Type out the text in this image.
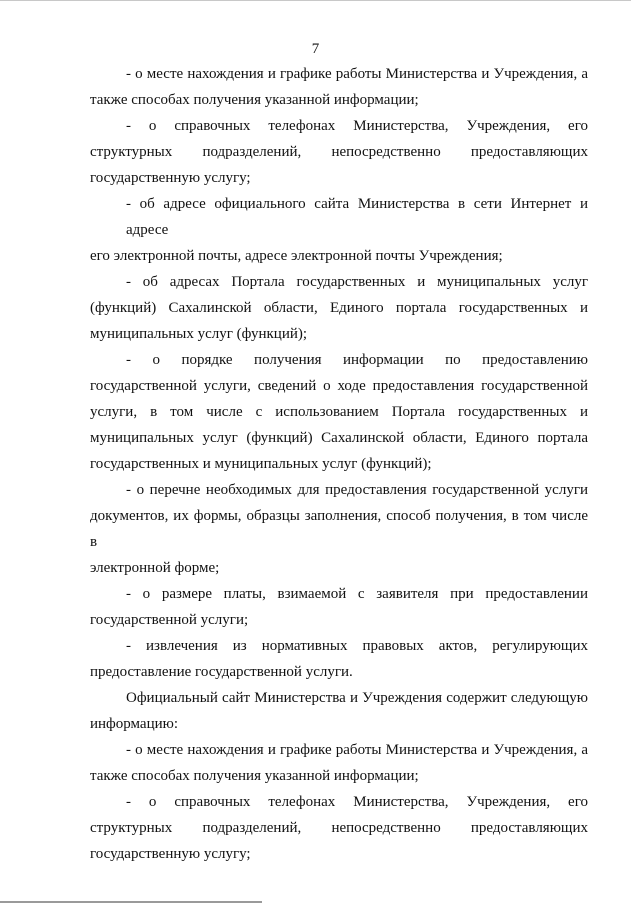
7
- о месте нахождения и графике работы Министерства и Учреждения, а
также способах получения указанной информации;
- о справочных телефонах Министерства, Учреждения, его
структурных подразделений, непосредственно предоставляющих
государственную услугу;
- об адресе официального сайта Министерства в сети Интернет и адресе
его электронной почты, адресе электронной почты Учреждения;
- об адресах Портала государственных и муниципальных услуг
(функций) Сахалинской области, Единого портала государственных и
муниципальных услуг (функций);
- о порядке получения информации по предоставлению
государственной услуги, сведений о ходе предоставления государственной
услуги, в том числе с использованием Портала государственных и
муниципальных услуг (функций) Сахалинской области, Единого портала
государственных и муниципальных услуг (функций);
- о перечне необходимых для предоставления государственной услуги
документов, их формы, образцы заполнения, способ получения, в том числе в
электронной форме;
- о размере платы, взимаемой с заявителя при предоставлении
государственной услуги;
- извлечения из нормативных правовых актов, регулирующих
предоставление государственной услуги.
Официальный сайт Министерства и Учреждения содержит следующую
информацию:
- о месте нахождения и графике работы Министерства и Учреждения, а
также способах получения указанной информации;
- о справочных телефонах Министерства, Учреждения, его
структурных подразделений, непосредственно предоставляющих
государственную услугу;
